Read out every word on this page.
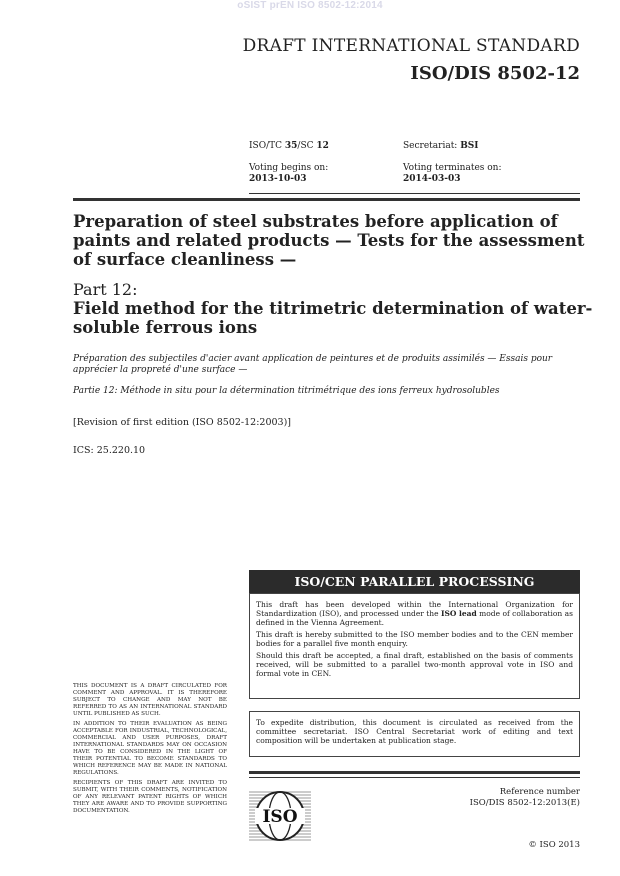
oSIST prEN ISO 8502-12:2014
DRAFT INTERNATIONAL STANDARD
ISO/DIS 8502-12
ISO/TC 35/SC 12	Secretariat: BSI
Voting begins on:
2013-10-03
Voting terminates on:
2014-03-03
Preparation of steel substrates before application of paints and related products — Tests for the assessment of surface cleanliness —
Part 12:
Field method for the titrimetric determination of water-soluble ferrous ions
Préparation des subjectiles d'acier avant application de peintures et de produits assimilés — Essais pour apprécier la propreté d'une surface —
Partie 12: Méthode in situ pour la détermination titrimétrique des ions ferreux hydrosolubles
[Revision of first edition (ISO 8502-12:2003)]
ICS: 25.220.10
ISO/CEN PARALLEL PROCESSING

This draft has been developed within the International Organization for Standardization (ISO), and processed under the ISO lead mode of collaboration as defined in the Vienna Agreement.

This draft is hereby submitted to the ISO member bodies and to the CEN member bodies for a parallel five month enquiry.

Should this draft be accepted, a final draft, established on the basis of comments received, will be submitted to a parallel two-month approval vote in ISO and formal vote in CEN.

To expedite distribution, this document is circulated as received from the committee secretariat. ISO Central Secretariat work of editing and text composition will be undertaken at publication stage.

THIS DOCUMENT IS A DRAFT CIRCULATED FOR COMMENT AND APPROVAL. IT IS THEREFORE SUBJECT TO CHANGE AND MAY NOT BE REFERRED TO AS AN INTERNATIONAL STANDARD UNTIL PUBLISHED AS SUCH.

IN ADDITION TO THEIR EVALUATION AS BEING ACCEPTABLE FOR INDUSTRIAL, TECHNOLOGICAL, COMMERCIAL AND USER PURPOSES, DRAFT INTERNATIONAL STANDARDS MAY ON OCCASION HAVE TO BE CONSIDERED IN THE LIGHT OF THEIR POTENTIAL TO BECOME STANDARDS TO WHICH REFERENCE MAY BE MADE IN NATIONAL REGULATIONS.

RECIPIENTS OF THIS DRAFT ARE INVITED TO SUBMIT, WITH THEIR COMMENTS, NOTIFICATION OF ANY RELEVANT PATENT RIGHTS OF WHICH THEY ARE AWARE AND TO PROVIDE SUPPORTING DOCUMENTATION.	ISO
Reference number
ISO/DIS 8502-12:2013(E)
© ISO 2013
